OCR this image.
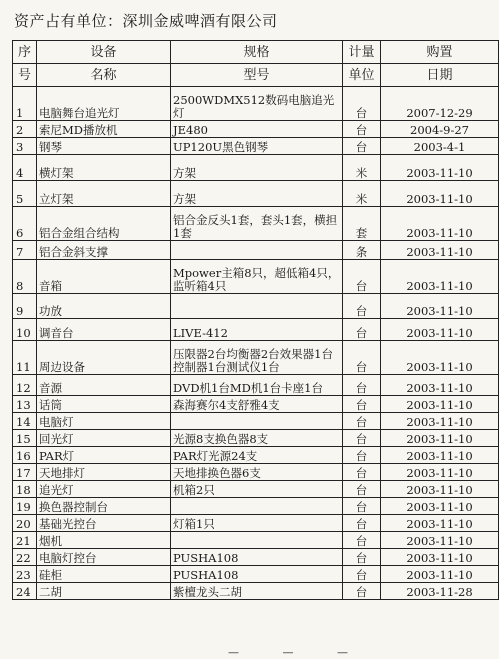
资产占有单位：深圳金威啤酒有限公司
序	设备	规格	计量	购置
号	名称	型号	单位	日期
1	电脑舞台追光灯	2500WDMX512数码电脑追光灯	台	2007-12-29
2	索尼MD播放机	JE480	台	2004-9-27
3	钢琴	UP120U黑色钢琴	台	2003-4-1
4	横灯架	方架	米	2003-11-10
5	立灯架	方架	米	2003-11-10
6	铝合金组合结构	铝合金反头1套，套头1套，横担1套	套	2003-11-10
7	铝合金斜支撑		条	2003-11-10
8	音箱	Mpower主箱8只，超低箱4只，监听箱4只	台	2003-11-10
9	功放		台	2003-11-10
10	调音台	LIVE-412	台	2003-11-10
11	周边设备	压限器2台均衡器2台效果器1台控制器1台测试仪1台	台	2003-11-10
12	音源	DVD机1台MD机1台卡座1台	台	2003-11-10
13	话筒	森海赛尔4支舒雅4支	台	2003-11-10
14	电脑灯		台	2003-11-10
15	回光灯	光源8支换色器8支	台	2003-11-10
16	PAR灯	PAR灯光源24支	台	2003-11-10
17	天地排灯	天地排换色器6支	台	2003-11-10
18	追光灯	机箱2只	台	2003-11-10
19	换色器控制台		台	2003-11-10
20	基础光控台	灯箱1只	台	2003-11-10
21	烟机		台	2003-11-10
22	电脑灯控台	PUSHA108	台	2003-11-10
23	硅柜	PUSHA108	台	2003-11-10
24	二胡	紫檀龙头二胡	台	2003-11-28
— — —
